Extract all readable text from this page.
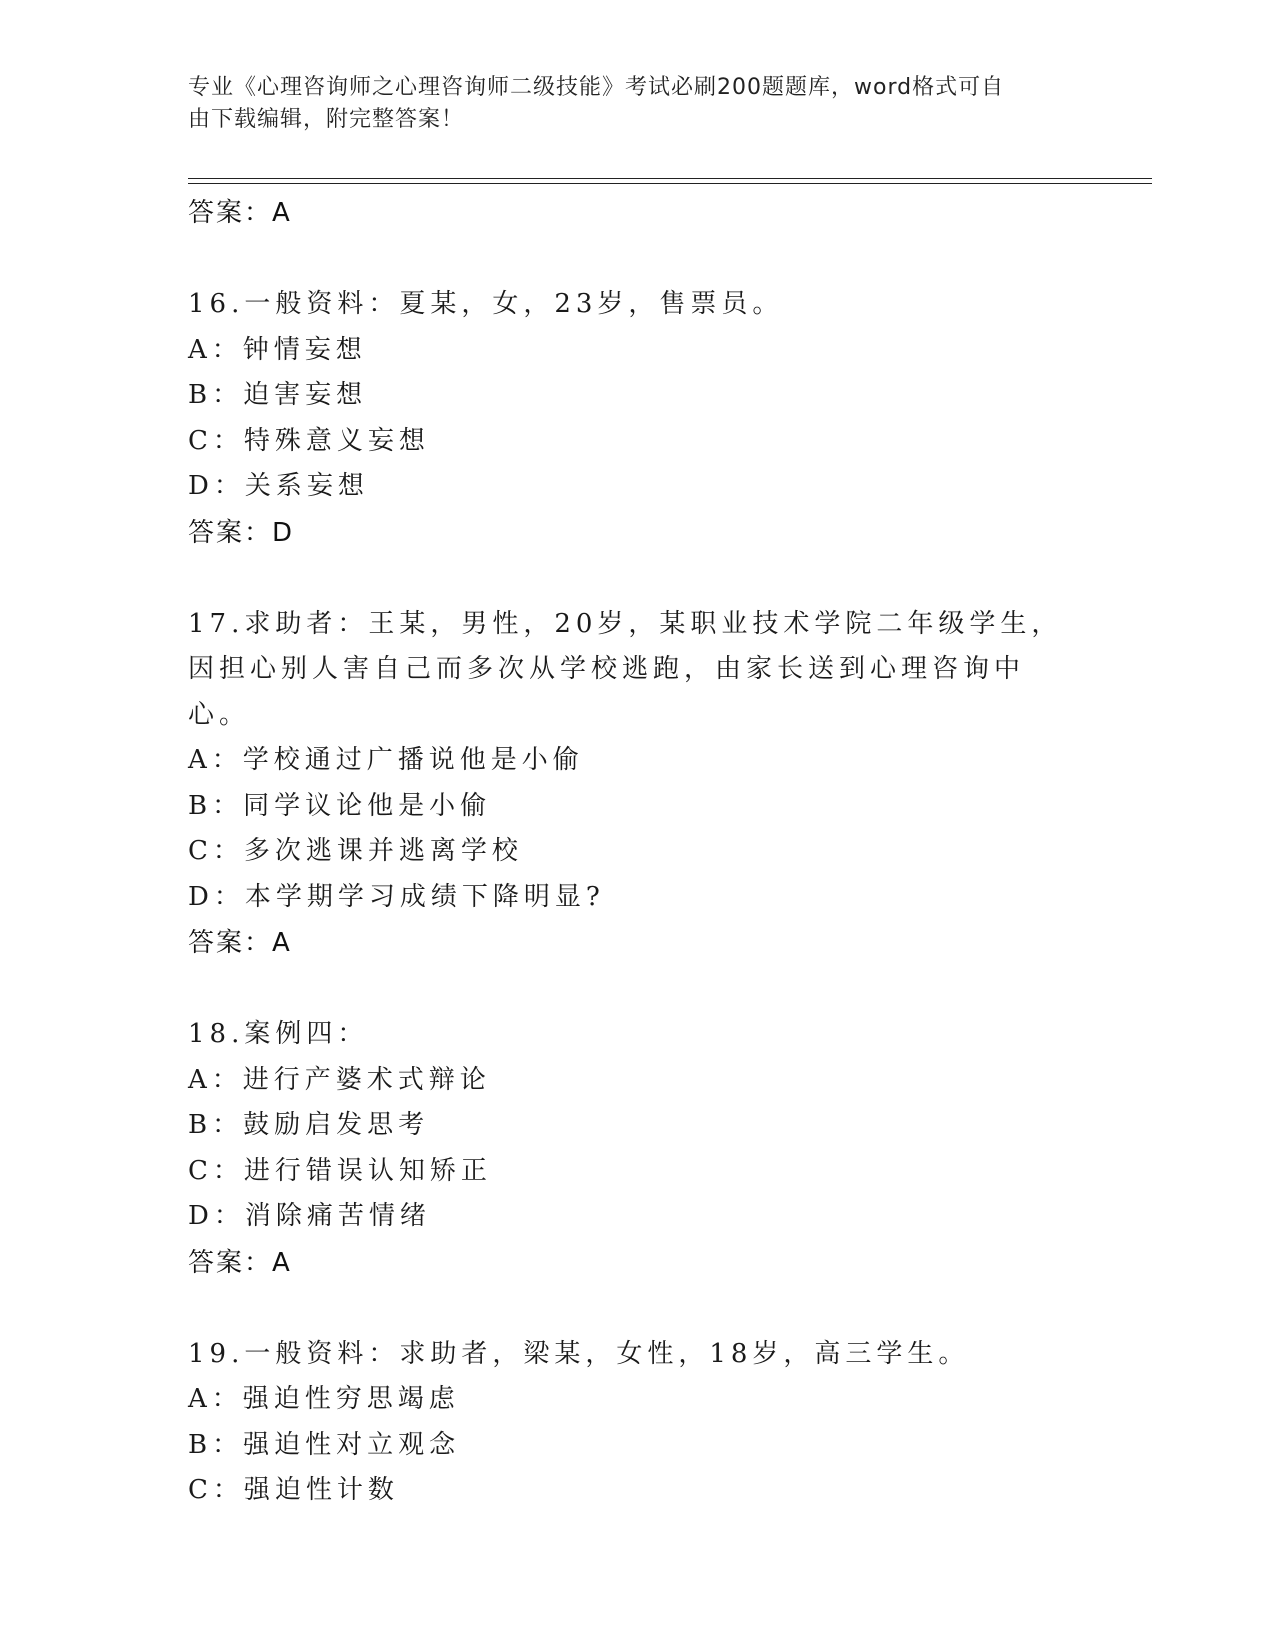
专业《心理咨询师之心理咨询师二级技能》考试必刷200题题库，word格式可自
由下载编辑，附完整答案！
答案：A
16.一般资料：夏某，女，23岁，售票员。
A：钟情妄想
B：迫害妄想
C：特殊意义妄想
D：关系妄想
答案：D
17.求助者：王某，男性，20岁，某职业技术学院二年级学生，因担心别人害自己而多次从学校逃跑，由家长送到心理咨询中心。
A：学校通过广播说他是小偷
B：同学议论他是小偷
C：多次逃课并逃离学校
D：本学期学习成绩下降明显?
答案：A
18.案例四：
A：进行产婆术式辩论
B：鼓励启发思考
C：进行错误认知矫正
D：消除痛苦情绪
答案：A
19.一般资料：求助者，梁某，女性，18岁，高三学生。
A：强迫性穷思竭虑
B：强迫性对立观念
C：强迫性计数
